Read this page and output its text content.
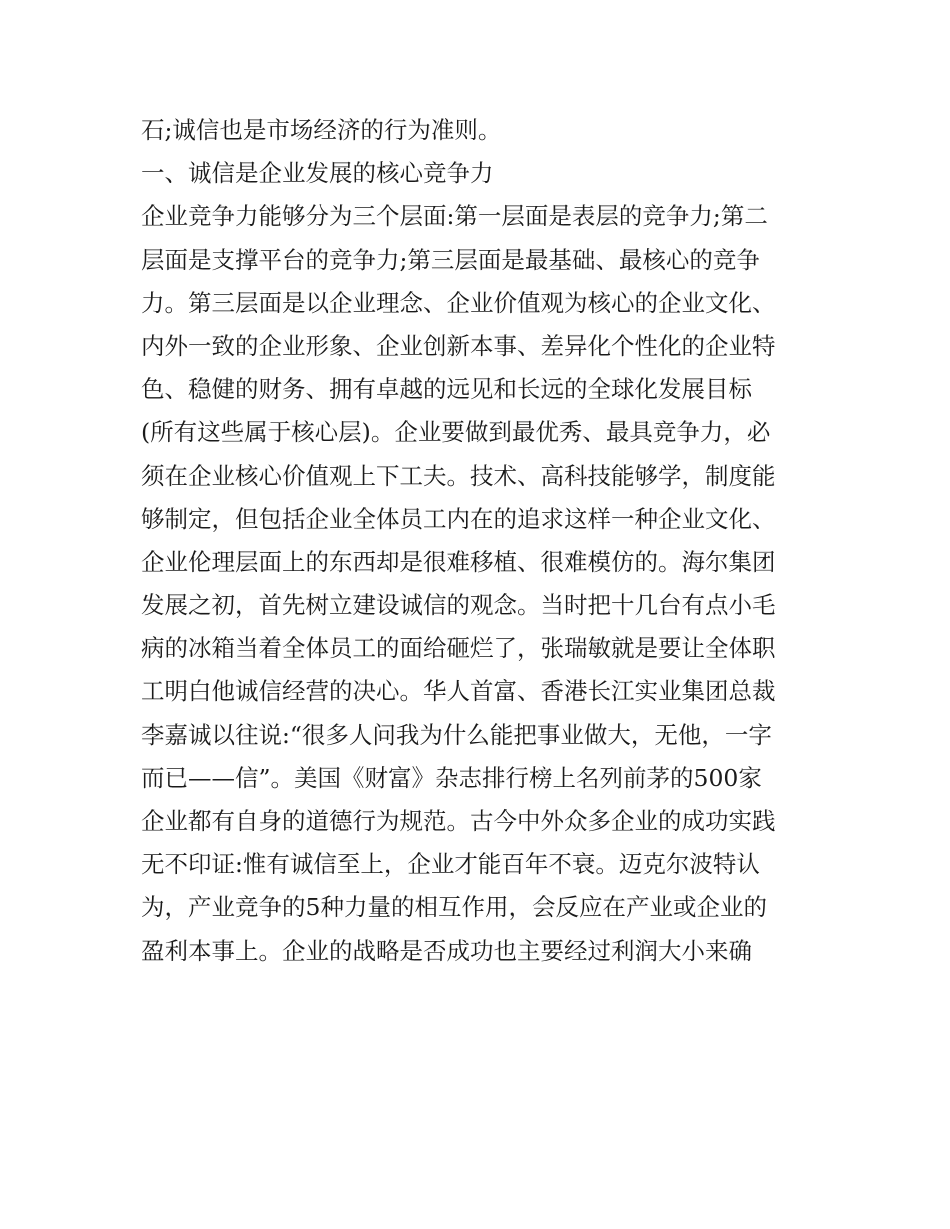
石;诚信也是市场经济的行为准则。
一、诚信是企业发展的核心竞争力
企业竞争力能够分为三个层面:第一层面是表层的竞争力;第二
层面是支撑平台的竞争力;第三层面是最基础、最核心的竞争
力。第三层面是以企业理念、企业价值观为核心的企业文化、
内外一致的企业形象、企业创新本事、差异化个性化的企业特
色、稳健的财务、拥有卓越的远见和长远的全球化发展目标
(所有这些属于核心层)。企业要做到最优秀、最具竞争力，必
须在企业核心价值观上下工夫。技术、高科技能够学，制度能
够制定，但包括企业全体员工内在的追求这样一种企业文化、
企业伦理层面上的东西却是很难移植、很难模仿的。海尔集团
发展之初，首先树立建设诚信的观念。当时把十几台有点小毛
病的冰箱当着全体员工的面给砸烂了，张瑞敏就是要让全体职
工明白他诚信经营的决心。华人首富、香港长江实业集团总裁
李嘉诚以往说:“很多人问我为什么能把事业做大，无他，一字
而已——信”。美国《财富》杂志排行榜上名列前茅的500家
企业都有自身的道德行为规范。古今中外众多企业的成功实践
无不印证:惟有诚信至上，企业才能百年不衰。迈克尔波特认
为，产业竞争的5种力量的相互作用，会反应在产业或企业的
盈利本事上。企业的战略是否成功也主要经过利润大小来确
